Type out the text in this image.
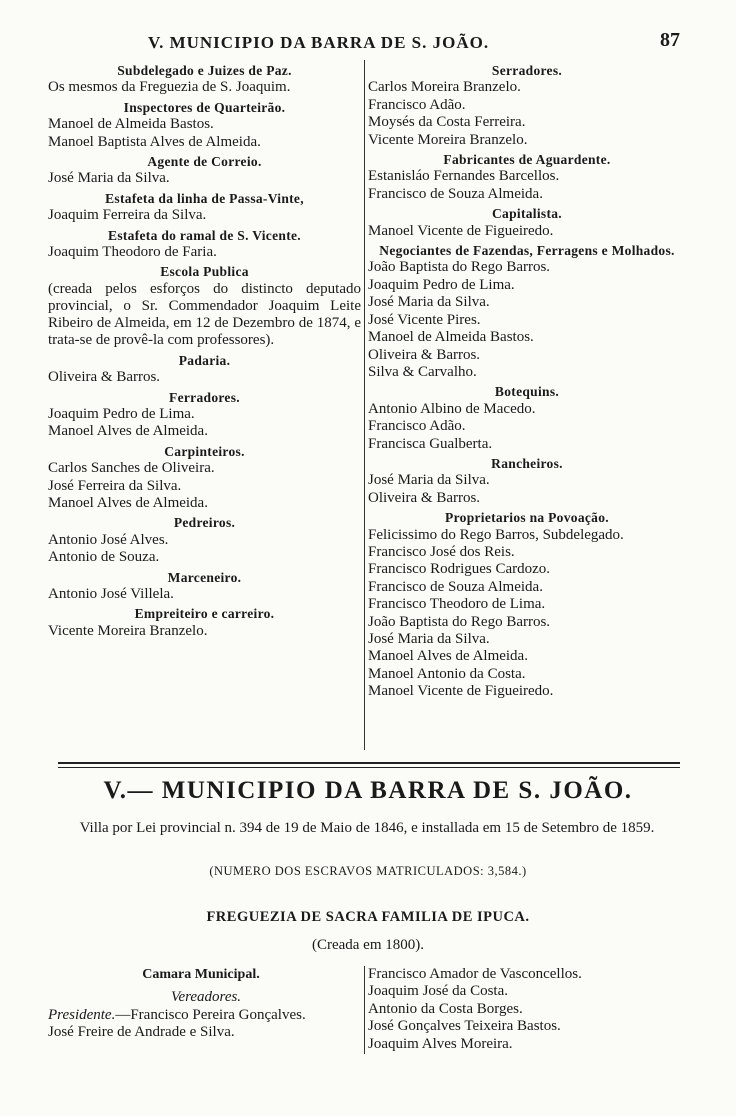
V. MUNICIPIO DA BARRA DE S. JOÃO.	87
Subdelegado e Juizes de Paz.
Os mesmos da Freguezia de S. Joaquim.
Inspectores de Quarteirão.
Manoel de Almeida Bastos.
Manoel Baptista Alves de Almeida.
Agente de Correio.
José Maria da Silva.
Estafeta da linha de Passa-Vinte,
Joaquim Ferreira da Silva.
Estafeta do ramal de S. Vicente.
Joaquim Theodoro de Faria.
Escola Publica
(creada pelos esforços do distincto deputado provincial, o Sr. Commendador Joaquim Leite Ribeiro de Almeida, em 12 de Dezembro de 1874, e trata-se de provê-la com professores).
Padaria.
Oliveira & Barros.
Ferradores.
Joaquim Pedro de Lima.
Manoel Alves de Almeida.
Carpinteiros.
Carlos Sanches de Oliveira.
José Ferreira da Silva.
Manoel Alves de Almeida.
Pedreiros.
Antonio José Alves.
Antonio de Souza.
Marceneiro.
Antonio José Villela.
Empreiteiro e carreiro.
Vicente Moreira Branzelo.
Serradores.
Carlos Moreira Branzelo.
Francisco Adão.
Moysés da Costa Ferreira.
Vicente Moreira Branzelo.
Fabricantes de Aguardente.
Estanisláo Fernandes Barcellos.
Francisco de Souza Almeida.
Capitalista.
Manoel Vicente de Figueiredo.
Negociantes de Fazendas, Ferragens e Molhados.
João Baptista do Rego Barros.
Joaquim Pedro de Lima.
José Maria da Silva.
José Vicente Pires.
Manoel de Almeida Bastos.
Oliveira & Barros.
Silva & Carvalho.
Botequins.
Antonio Albino de Macedo.
Francisco Adão.
Francisca Gualberta.
Rancheiros.
José Maria da Silva.
Oliveira & Barros.
Proprietarios na Povoação.
Felicissimo do Rego Barros, Subdelegado.
Francisco José dos Reis.
Francisco Rodrigues Cardozo.
Francisco de Souza Almeida.
Francisco Theodoro de Lima.
João Baptista do Rego Barros.
José Maria da Silva.
Manoel Alves de Almeida.
Manoel Antonio da Costa.
Manoel Vicente de Figueiredo.
V.— MUNICIPIO DA BARRA DE S. JOÃO.
Villa por Lei provincial n. 394 de 19 de Maio de 1846, e installada em 15 de Setembro de 1859.
(NUMERO DOS ESCRAVOS MATRICULADOS: 3,584.)
FREGUEZIA DE SACRA FAMILIA DE IPUCA.
(Creada em 1800).
Camara Municipal.
Vereadores.
Presidente.—Francisco Pereira Gonçalves.
José Freire de Andrade e Silva.
Francisco Amador de Vasconcellos.
Joaquim José da Costa.
Antonio da Costa Borges.
José Gonçalves Teixeira Bastos.
Joaquim Alves Moreira.
